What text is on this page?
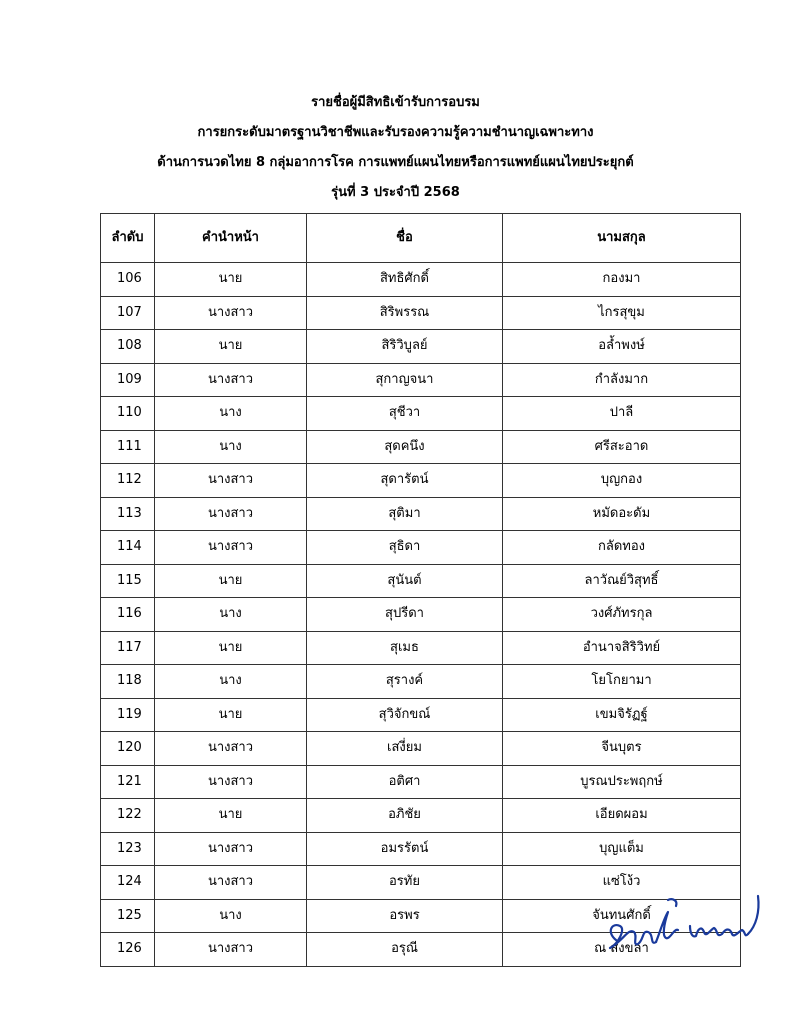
รายชื่อผู้มีสิทธิเข้ารับการอบรม
การยกระดับมาตรฐานวิชาชีพและรับรองความรู้ความชำนาญเฉพาะทาง
ด้านการนวดไทย 8 กลุ่มอาการโรค การแพทย์แผนไทยหรือการแพทย์แผนไทยประยุกต์
รุ่นที่ 3 ประจำปี 2568
ลำดับ	คำนำหน้า	ชื่อ	นามสกุล
106	นาย	สิทธิศักดิ์	กองมา
107	นางสาว	สิริพรรณ	ไกรสุขุม
108	นาย	สิริวิบูลย์	อล้ำพงษ์
109	นางสาว	สุกาญจนา	กำลังมาก
110	นาง	สุชีวา	ปาลี
111	นาง	สุดคนึง	ศรีสะอาด
112	นางสาว	สุดารัตน์	บุญกอง
113	นางสาว	สุติมา	หมัดอะดัม
114	นางสาว	สุธิดา	กลัดทอง
115	นาย	สุนันต์	ลาวัณย์วิสุทธิ์
116	นาง	สุปรีดา	วงศ์ภัทรกุล
117	นาย	สุเมธ	อำนาจสิริวิทย์
118	นาง	สุรางค์	โยโกยามา
119	นาย	สุวิจักขณ์	เขมจิรัฏฐ์
120	นางสาว	เสงี่ยม	จีนบุตร
121	นางสาว	อติศา	บูรณประพฤกษ์
122	นาย	อภิชัย	เอียดผอม
123	นางสาว	อมรรัตน์	บุญแต็ม
124	นางสาว	อรทัย	แซ่โง้ว
125	นาง	อรพร	จันทนศักดิ์
126	นางสาว	อรุณี	ณ สงขลา
